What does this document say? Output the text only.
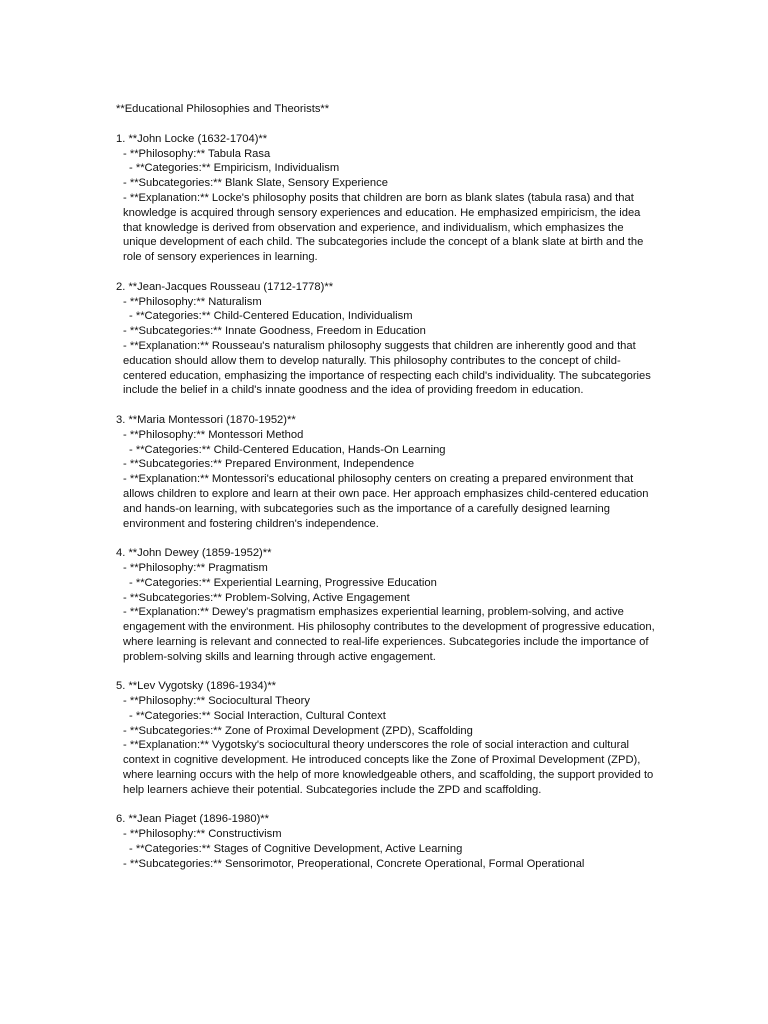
**Educational Philosophies and Theorists**
1. **John Locke (1632-1704)**
- **Philosophy:** Tabula Rasa
- **Categories:** Empiricism, Individualism
- **Subcategories:** Blank Slate, Sensory Experience
- **Explanation:** Locke's philosophy posits that children are born as blank slates (tabula rasa) and that knowledge is acquired through sensory experiences and education. He emphasized empiricism, the idea that knowledge is derived from observation and experience, and individualism, which emphasizes the unique development of each child. The subcategories include the concept of a blank slate at birth and the role of sensory experiences in learning.
2. **Jean-Jacques Rousseau (1712-1778)**
- **Philosophy:** Naturalism
- **Categories:** Child-Centered Education, Individualism
- **Subcategories:** Innate Goodness, Freedom in Education
- **Explanation:** Rousseau's naturalism philosophy suggests that children are inherently good and that education should allow them to develop naturally. This philosophy contributes to the concept of child-centered education, emphasizing the importance of respecting each child's individuality. The subcategories include the belief in a child's innate goodness and the idea of providing freedom in education.
3. **Maria Montessori (1870-1952)**
- **Philosophy:** Montessori Method
- **Categories:** Child-Centered Education, Hands-On Learning
- **Subcategories:** Prepared Environment, Independence
- **Explanation:** Montessori's educational philosophy centers on creating a prepared environment that allows children to explore and learn at their own pace. Her approach emphasizes child-centered education and hands-on learning, with subcategories such as the importance of a carefully designed learning environment and fostering children's independence.
4. **John Dewey (1859-1952)**
- **Philosophy:** Pragmatism
- **Categories:** Experiential Learning, Progressive Education
- **Subcategories:** Problem-Solving, Active Engagement
- **Explanation:** Dewey's pragmatism emphasizes experiential learning, problem-solving, and active engagement with the environment. His philosophy contributes to the development of progressive education, where learning is relevant and connected to real-life experiences. Subcategories include the importance of problem-solving skills and learning through active engagement.
5. **Lev Vygotsky (1896-1934)**
- **Philosophy:** Sociocultural Theory
- **Categories:** Social Interaction, Cultural Context
- **Subcategories:** Zone of Proximal Development (ZPD), Scaffolding
- **Explanation:** Vygotsky's sociocultural theory underscores the role of social interaction and cultural context in cognitive development. He introduced concepts like the Zone of Proximal Development (ZPD), where learning occurs with the help of more knowledgeable others, and scaffolding, the support provided to help learners achieve their potential. Subcategories include the ZPD and scaffolding.
6. **Jean Piaget (1896-1980)**
- **Philosophy:** Constructivism
- **Categories:** Stages of Cognitive Development, Active Learning
- **Subcategories:** Sensorimotor, Preoperational, Concrete Operational, Formal Operational
